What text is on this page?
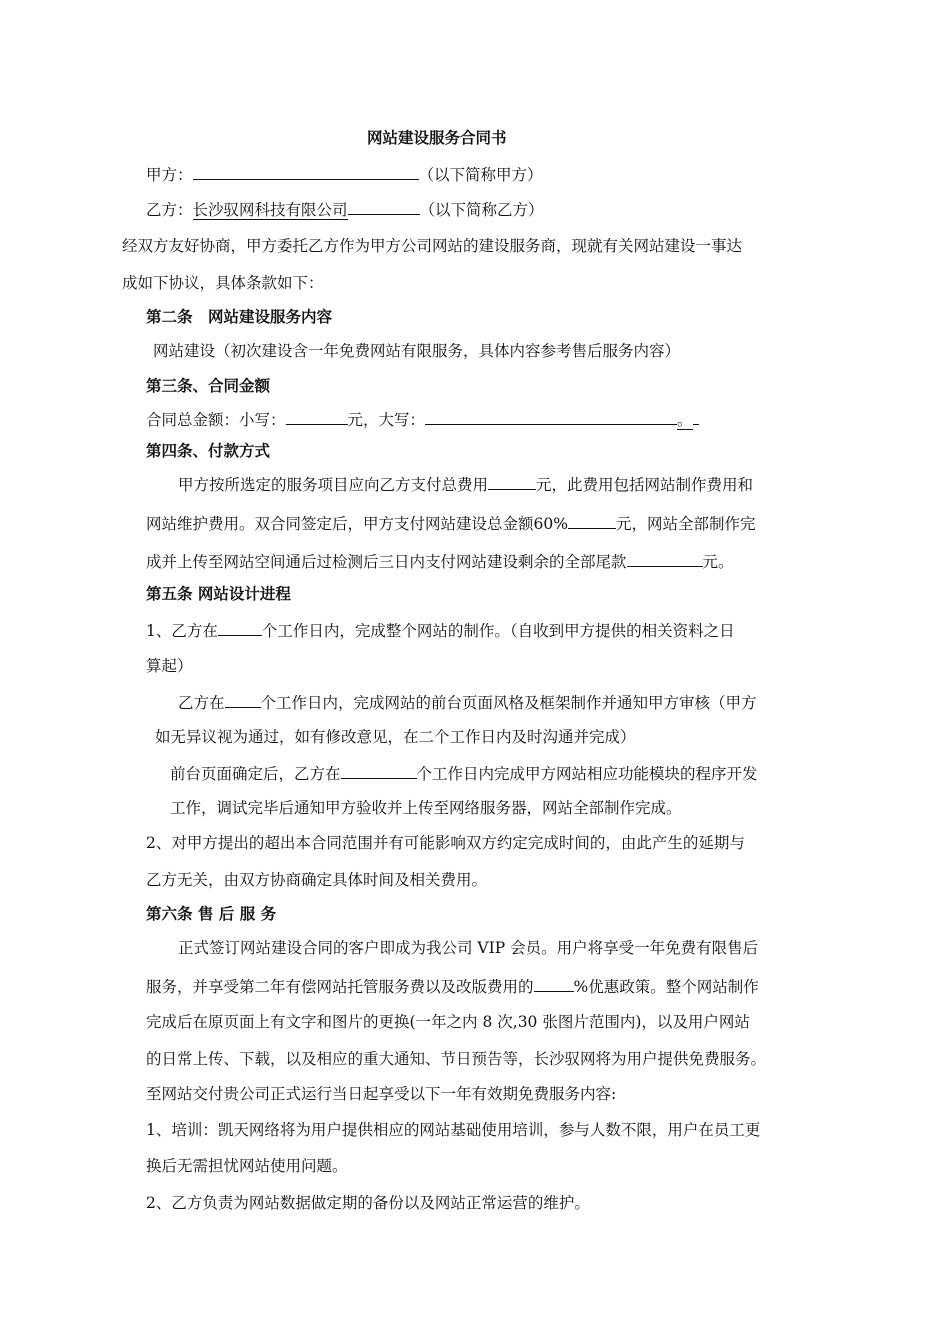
网站建设服务合同书
甲方：	（以下简称甲方）
乙方：长沙驭网科技有限公司	（以下简称乙方）
经双方友好协商，甲方委托乙方作为甲方公司网站的建设服务商，现就有关网站建设一事达
成如下协议，具体条款如下：
第二条　网站建设服务内容
网站建设（初次建设含一年免费网站有限服务，具体内容参考售后服务内容）
第三条、合同金额
合同总金额：小写：	元，大写：	。
第四条、付款方式
甲方按所选定的服务项目应向乙方支付总费用	元，此费用包括网站制作费用和
网站维护费用。双合同签定后，甲方支付网站建设总金额60%	元，网站全部制作完
成并上传至网站空间通后过检测后三日内支付网站建设剩余的全部尾款	元。
第五条 网站设计进程
1、乙方在	个工作日内，完成整个网站的制作。（自收到甲方提供的相关资料之日
算起）
乙方在 个工作日内，完成网站的前台页面风格及框架制作并通知甲方审核（甲方
如无异议视为通过，如有修改意见，在二个工作日内及时沟通并完成）
前台页面确定后，乙方在	个工作日内完成甲方网站相应功能模块的程序开发
工作，调试完毕后通知甲方验收并上传至网络服务器，网站全部制作完成。
2、对甲方提出的超出本合同范围并有可能影响双方约定完成时间的，由此产生的延期与
乙方无关，由双方协商确定具体时间及相关费用。
第六条 售 后 服 务
正式签订网站建设合同的客户即成为我公司 VIP 会员。用户将享受一年免费有限售后
服务，并享受第二年有偿网站托管服务费以及改版费用的	%优惠政策。整个网站制作
完成后在原页面上有文字和图片的更换(一年之内 8 次,30 张图片范围内)，以及用户网站
的日常上传、下载，以及相应的重大通知、节日预告等，长沙驭网将为用户提供免费服务。
至网站交付贵公司正式运行当日起享受以下一年有效期免费服务内容:
1、培训：凯天网络将为用户提供相应的网站基础使用培训，参与人数不限，用户在员工更
换后无需担忧网站使用问题。
2、乙方负责为网站数据做定期的备份以及网站正常运营的维护。
